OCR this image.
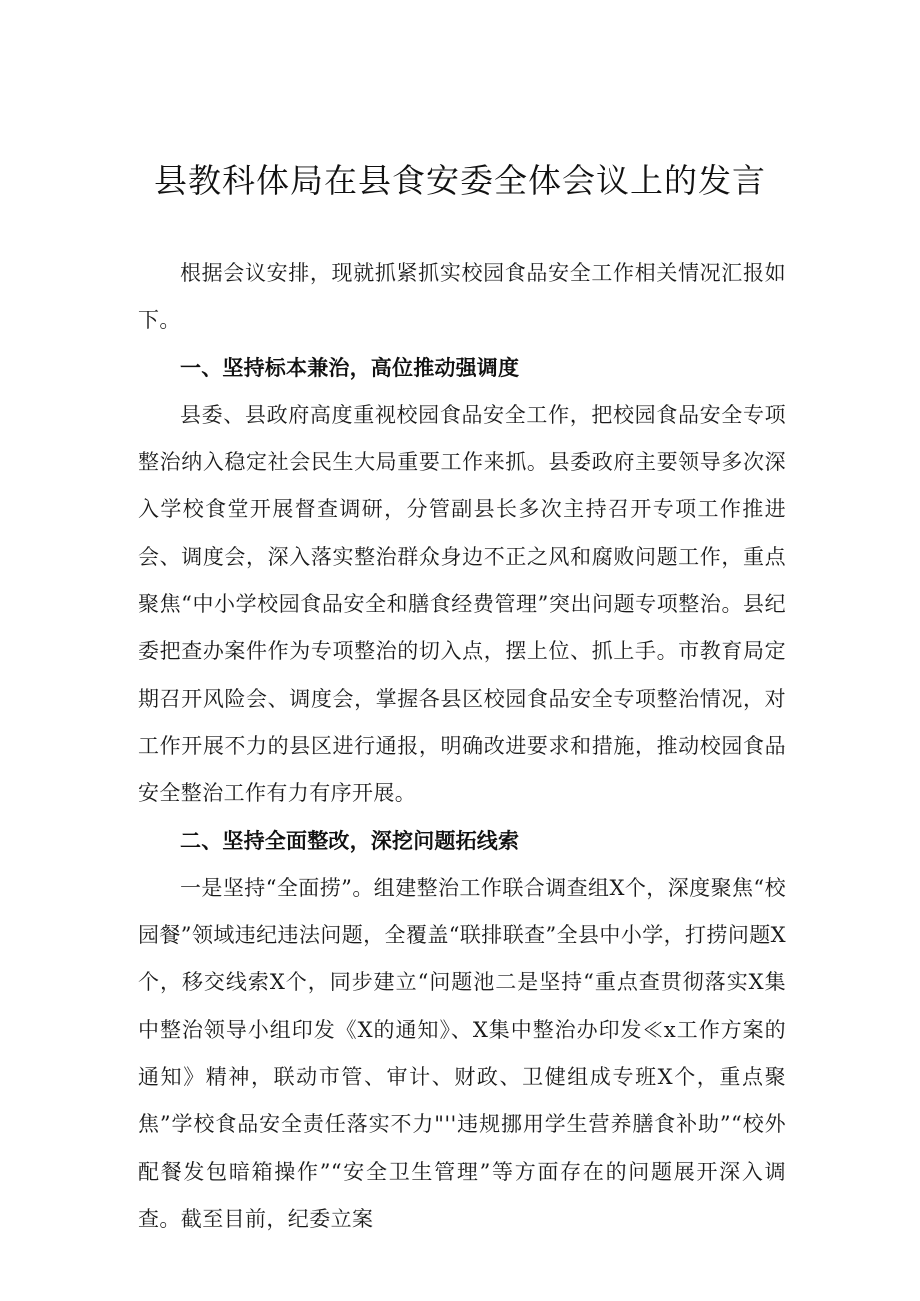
县教科体局在县食安委全体会议上的发言

根据会议安排，现就抓紧抓实校园食品安全工作相关情况汇报如下。

一、坚持标本兼治，高位推动强调度

县委、县政府高度重视校园食品安全工作，把校园食品安全专项整治纳入稳定社会民生大局重要工作来抓。县委政府主要领导多次深入学校食堂开展督查调研，分管副县长多次主持召开专项工作推进会、调度会，深入落实整治群众身边不正之风和腐败问题工作，重点聚焦“中小学校园食品安全和膳食经费管理”突出问题专项整治。县纪委把查办案件作为专项整治的切入点，摆上位、抓上手。市教育局定期召开风险会、调度会，掌握各县区校园食品安全专项整治情况，对工作开展不力的县区进行通报，明确改进要求和措施，推动校园食品安全整治工作有力有序开展。

二、坚持全面整改，深挖问题拓线索

一是坚持“全面捞”。组建整治工作联合调查组X个，深度聚焦“校园餐”领域违纪违法问题，全覆盖“联排联查”全县中小学，打捞问题X个，移交线索X个，同步建立“问题池二是坚持“重点查贯彻落实X集中整治领导小组印发《X的通知》、X集中整治办印发≪x工作方案的通知》精神，联动市管、审计、财政、卫健组成专班X个，重点聚焦”学校食品安全责任落实不力"''违规挪用学生营养膳食补助”“校外配餐发包暗箱操作”“安全卫生管理”等方面存在的问题展开深入调查。截至目前，纪委立案
